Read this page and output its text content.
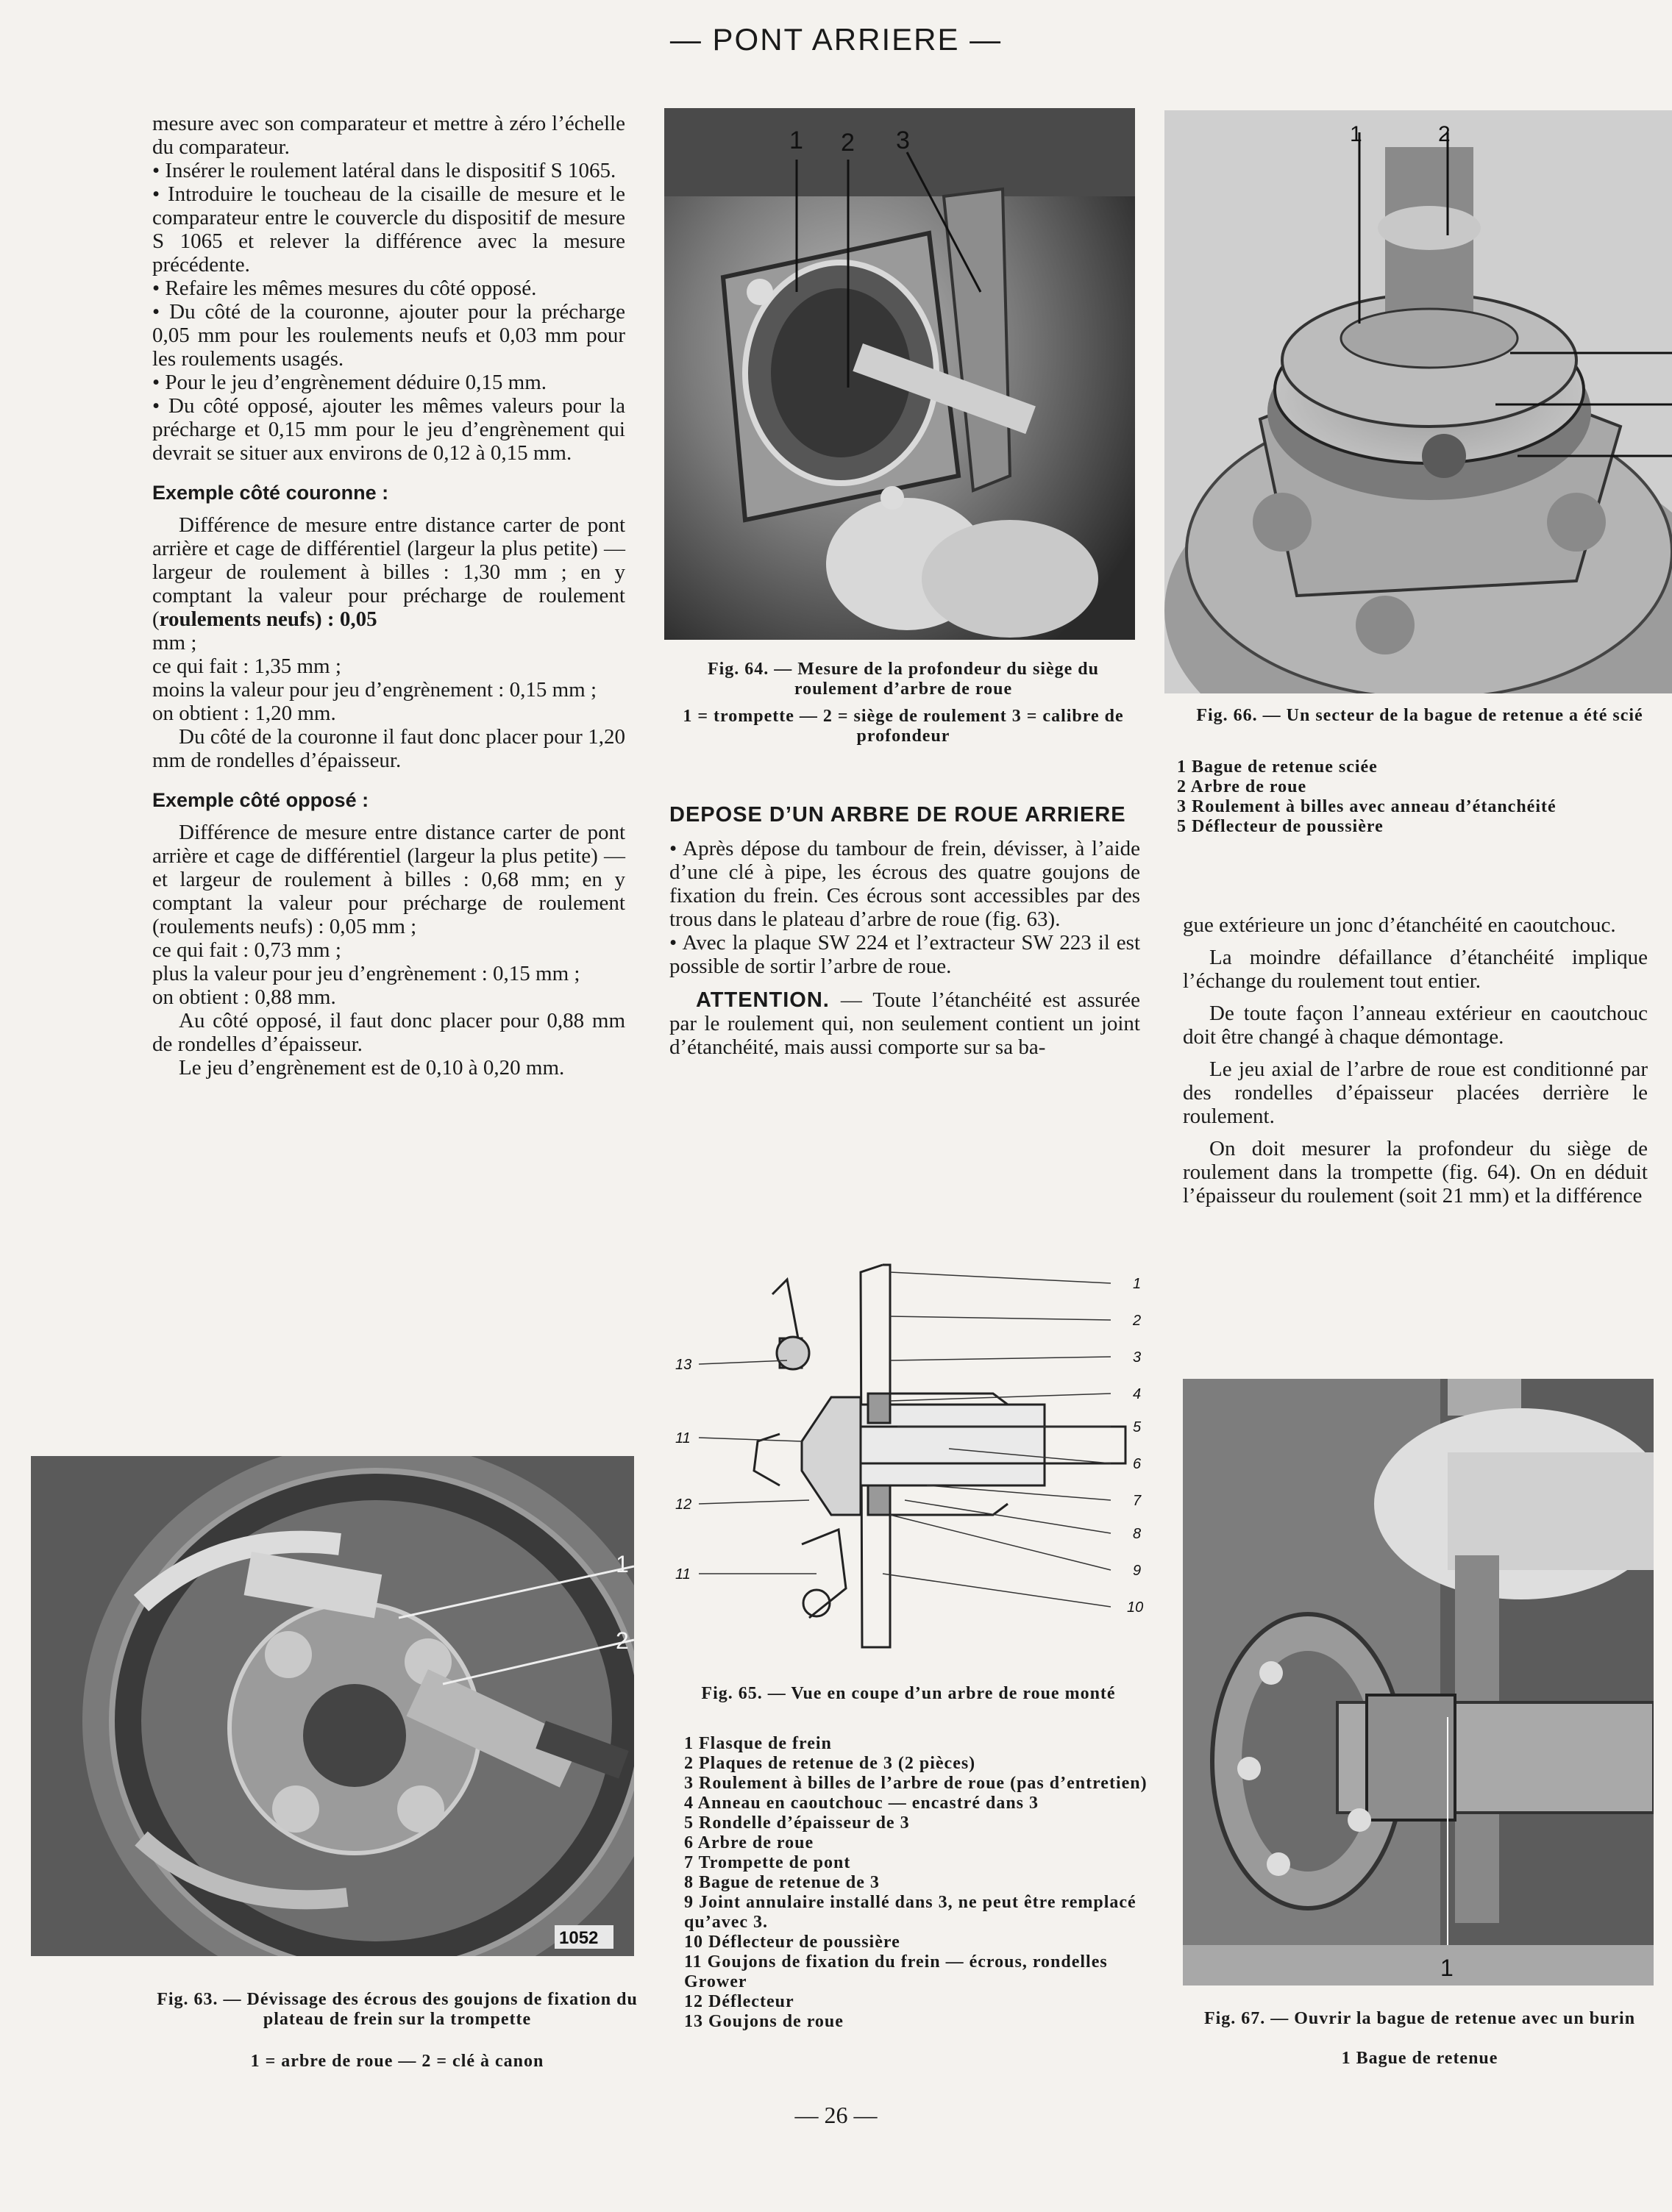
— PONT ARRIERE —

mesure avec son comparateur et mettre à zéro l’échelle du comparateur.

• Insérer le roulement latéral dans le dispositif S 1065.

• Introduire le toucheau de la cisaille de mesure et le comparateur entre le couvercle du dispositif de mesure S 1065 et relever la différence avec la mesure précédente.

• Refaire les mêmes mesures du côté opposé.

• Du côté de la couronne, ajouter pour la précharge 0,05 mm pour les roulements neufs et 0,03 mm pour les roulements usagés.

• Pour le jeu d’engrènement déduire 0,15 mm.

• Du côté opposé, ajouter les mêmes valeurs pour la précharge et 0,15 mm pour le jeu d’engrènement qui devrait se situer aux environs de 0,12 à 0,15 mm.

Exemple côté couronne :

Différence de mesure entre distance carter de pont arrière et cage de différentiel (largeur la plus petite) — largeur de roulement à billes : 1,30 mm ; en y comptant la valeur pour précharge de roulement (roulements neufs) : 0,05

mm ;

ce qui fait : 1,35 mm ;

moins la valeur pour jeu d’engrènement : 0,15 mm ;

on obtient : 1,20 mm.

Du côté de la couronne il faut donc placer pour 1,20 mm de rondelles d’épaisseur.

Exemple côté opposé :

Différence de mesure entre distance carter de pont arrière et cage de différentiel (largeur la plus petite) — et largeur de roulement à billes : 0,68 mm; en y comptant la valeur pour précharge de roulement (roulements neufs) : 0,05 mm ;

ce qui fait : 0,73 mm ;

plus la valeur pour jeu d’engrènement : 0,15 mm ;

on obtient : 0,88 mm.

Au côté opposé, il faut donc placer pour 0,88 mm de rondelles d’épaisseur.

Le jeu d’engrènement est de 0,10 à 0,20 mm.

1 2 3
Fig. 64. — Mesure de la profondeur du siège du roulement d’arbre de roue
1 = trompette — 2 = siège de roulement 3 = calibre de profondeur

DEPOSE D’UN ARBRE DE ROUE ARRIERE

• Après dépose du tambour de frein, dévisser, à l’aide d’une clé à pipe, les écrous des quatre goujons de fixation du frein. Ces écrous sont accessibles par des trous dans le plateau d’arbre de roue (fig. 63).

• Avec la plaque SW 224 et l’extracteur SW 223 il est possible de sortir l’arbre de roue.

ATTENTION. — Toute l’étanchéité est assurée par le roulement qui, non seulement contient un joint d’étanchéité, mais aussi comporte sur sa ba-

1
2
3
4
5
6
7
8
9
10
13
11
12
11
Fig. 65. — Vue en coupe d’un arbre de roue monté
1 Flasque de frein
2 Plaques de retenue de 3 (2 pièces)
3 Roulement à billes de l’arbre de roue (pas d’entretien)
4 Anneau en caoutchouc — encastré dans 3
5 Rondelle d’épaisseur de 3
6 Arbre de roue
7 Trompette de pont
8 Bague de retenue de 3
9 Joint annulaire installé dans 3, ne peut être remplacé qu’avec 3.
10 Déflecteur de poussière
11 Goujons de fixation du frein — écrous, rondelles Grower
12 Déflecteur
13 Goujons de roue
1	2
Fig. 66. — Un secteur de la bague de retenue a été scié
1 Bague de retenue sciée
2 Arbre de roue
3 Roulement à billes avec anneau d’étanchéité
5 Déflecteur de poussière

gue extérieure un jonc d’étanchéité en caoutchouc.

La moindre défaillance d’étanchéité implique l’échange du roulement tout entier.

De toute façon l’anneau extérieur en caoutchouc doit être changé à chaque démontage.

Le jeu axial de l’arbre de roue est conditionné par des rondelles d’épaisseur placées derrière le roulement.

On doit mesurer la profondeur du siège de roulement dans la trompette (fig. 64). On en déduit l’épaisseur du roulement (soit 21 mm) et la différence

1
2
1052
Fig. 63. — Dévissage des écrous des goujons de fixation du plateau de frein sur la trompette
1 = arbre de roue — 2 = clé à canon
1
Fig. 67. — Ouvrir la bague de retenue avec un burin
1 Bague de retenue
— 26 —
